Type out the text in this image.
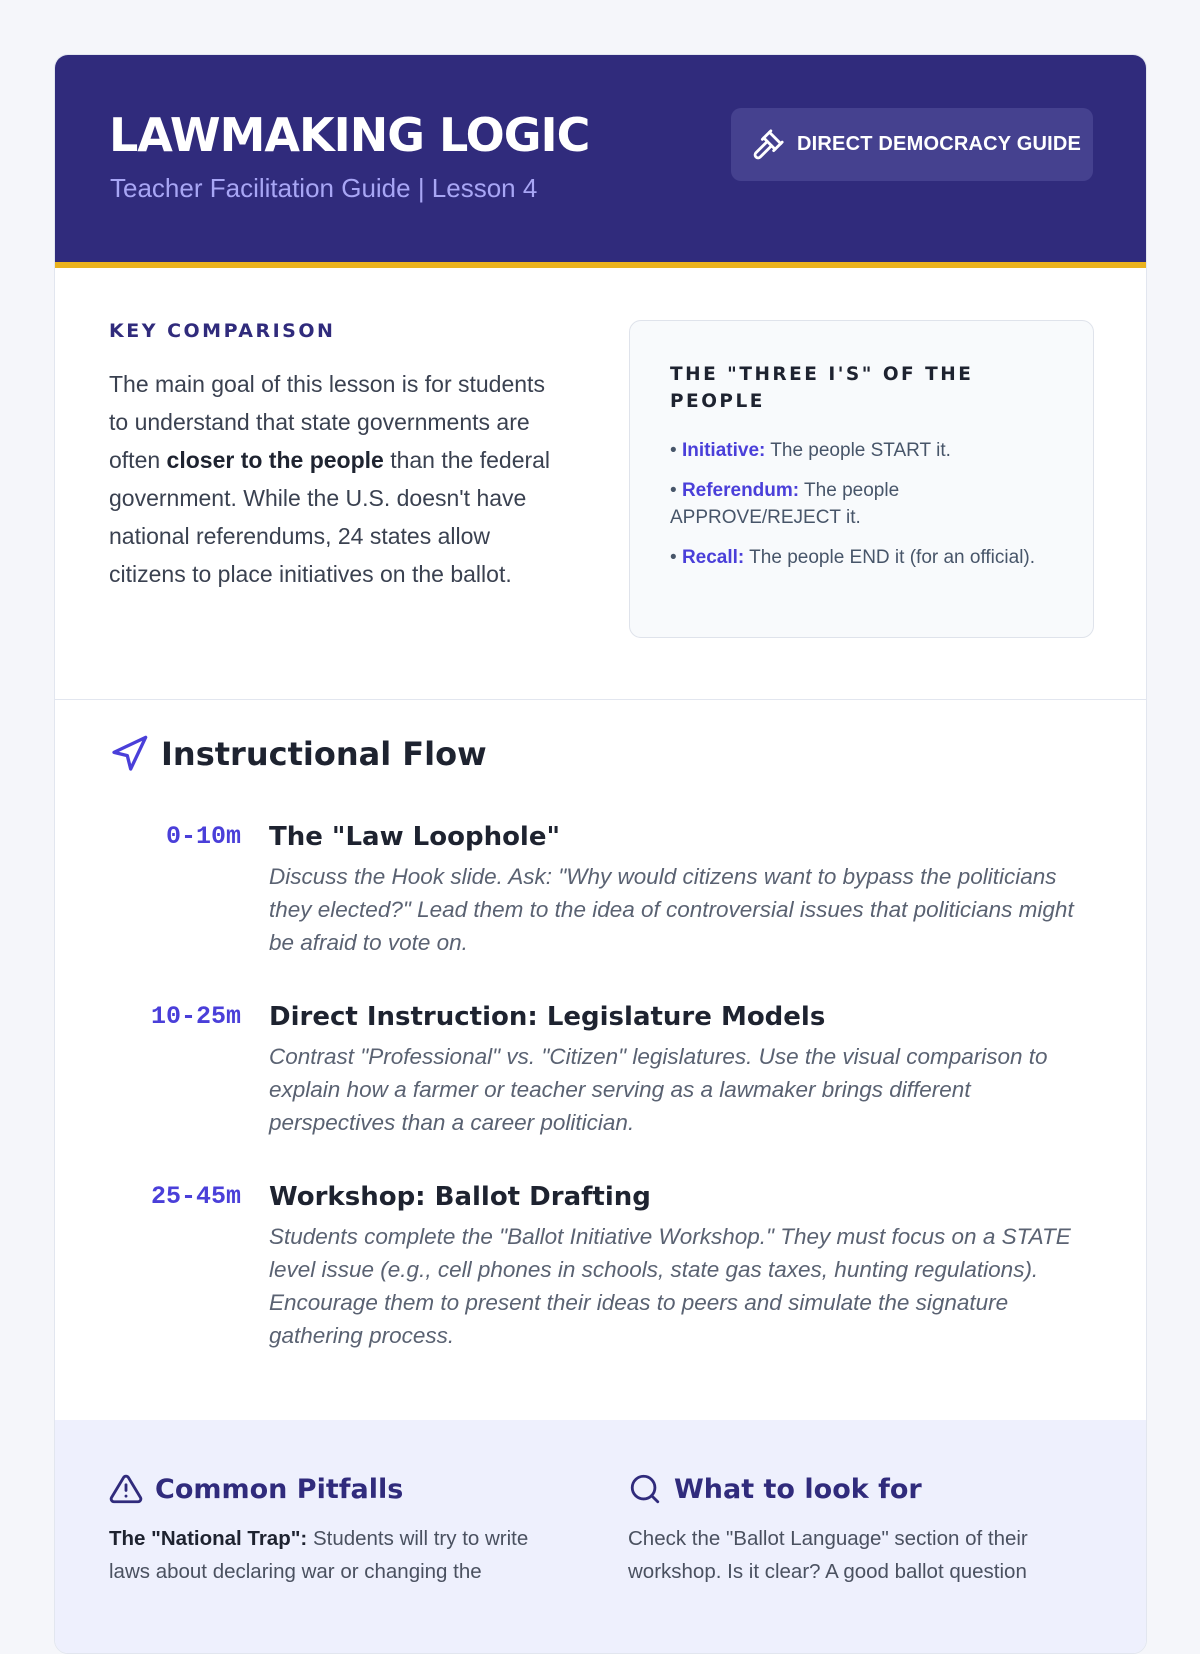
LAWMAKING LOGIC
Teacher Facilitation Guide | Lesson 4
DIRECT DEMOCRACY GUIDE
KEY COMPARISON
The main goal of this lesson is for students to understand that state governments are often closer to the people than the federal government. While the U.S. doesn't have national referendums, 24 states allow citizens to place initiatives on the ballot.
THE "THREE I'S" OF THE PEOPLE
• Initiative: The people START it.
• Referendum: The people APPROVE/REJECT it.
• Recall: The people END it (for an official).
Instructional Flow
0-10m The "Law Loophole"

Discuss the Hook slide. Ask: "Why would citizens want to bypass the politicians they elected?" Lead them to the idea of controversial issues that politicians might be afraid to vote on.

10-25m Direct Instruction: Legislature Models

Contrast "Professional" vs. "Citizen" legislatures. Use the visual comparison to explain how a farmer or teacher serving as a lawmaker brings different perspectives than a career politician.

25-45m Workshop: Ballot Drafting

Students complete the "Ballot Initiative Workshop." They must focus on a STATE level issue (e.g., cell phones in schools, state gas taxes, hunting regulations). Encourage them to present their ideas to peers and simulate the signature gathering process.

Common Pitfalls

The "National Trap": Students will try to write laws about declaring war or changing the

What to look for

Check the "Ballot Language" section of their workshop. Is it clear? A good ballot question
